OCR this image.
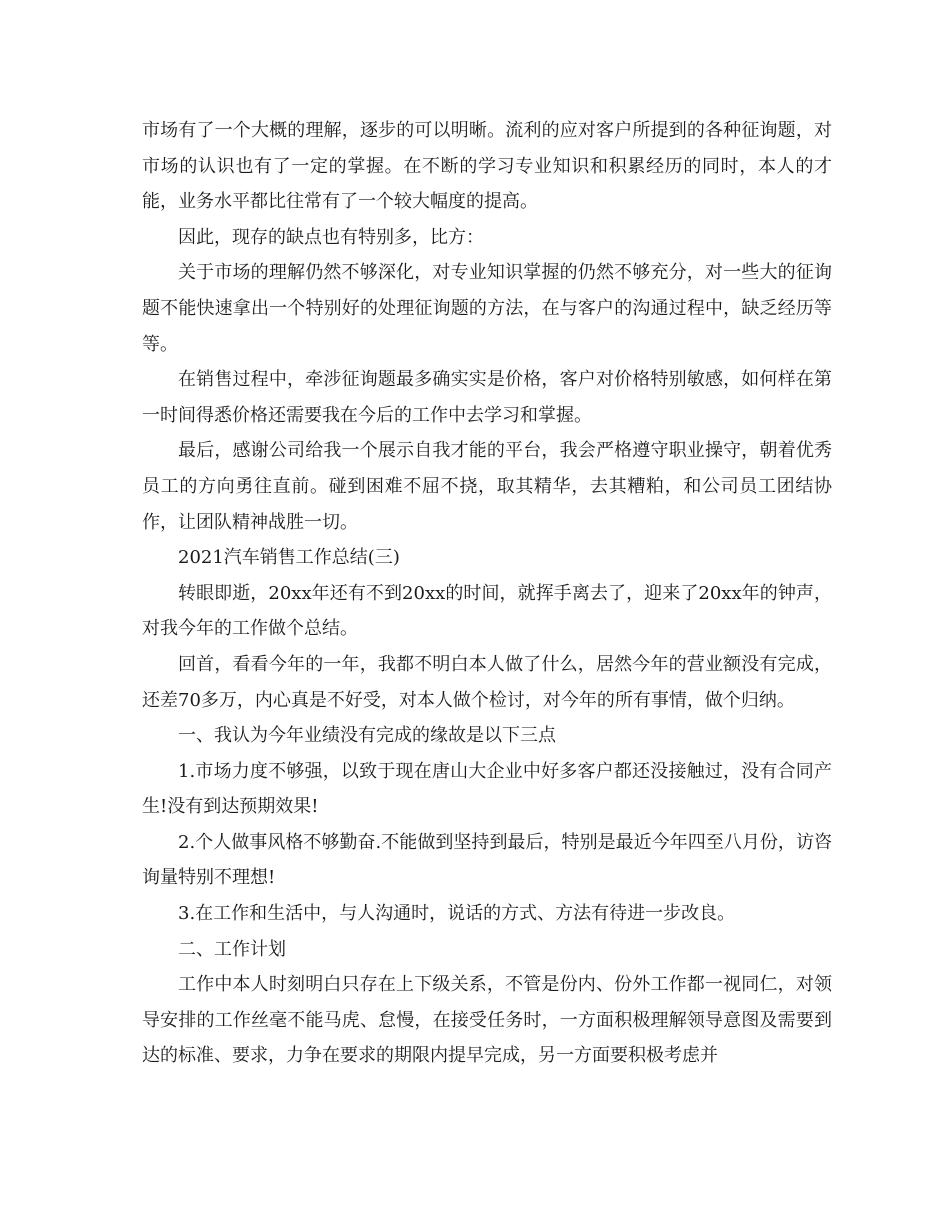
市场有了一个大概的理解，逐步的可以明晰。流利的应对客户所提到的各种征询题，对市场的认识也有了一定的掌握。在不断的学习专业知识和积累经历的同时，本人的才能，业务水平都比往常有了一个较大幅度的提高。

因此，现存的缺点也有特别多，比方：

关于市场的理解仍然不够深化，对专业知识掌握的仍然不够充分，对一些大的征询题不能快速拿出一个特别好的处理征询题的方法，在与客户的沟通过程中，缺乏经历等等。

在销售过程中，牵涉征询题最多确实实是价格，客户对价格特别敏感，如何样在第一时间得悉价格还需要我在今后的工作中去学习和掌握。

最后，感谢公司给我一个展示自我才能的平台，我会严格遵守职业操守，朝着优秀员工的方向勇往直前。碰到困难不屈不挠，取其精华，去其糟粕，和公司员工团结协作，让团队精神战胜一切。

2021汽车销售工作总结(三)

转眼即逝，20xx年还有不到20xx的时间，就挥手离去了，迎来了20xx年的钟声，对我今年的工作做个总结。

回首，看看今年的一年，我都不明白本人做了什么，居然今年的营业额没有完成，还差70多万，内心真是不好受，对本人做个检讨，对今年的所有事情，做个归纳。

一、我认为今年业绩没有完成的缘故是以下三点

1.市场力度不够强，以致于现在唐山大企业中好多客户都还没接触过，没有合同产生!没有到达预期效果!

2.个人做事风格不够勤奋.不能做到坚持到最后，特别是最近今年四至八月份，访咨询量特别不理想!

3.在工作和生活中，与人沟通时，说话的方式、方法有待进一步改良。

二、工作计划

工作中本人时刻明白只存在上下级关系，不管是份内、份外工作都一视同仁，对领导安排的工作丝毫不能马虎、怠慢，在接受任务时，一方面积极理解领导意图及需要到达的标准、要求，力争在要求的期限内提早完成，另一方面要积极考虑并
